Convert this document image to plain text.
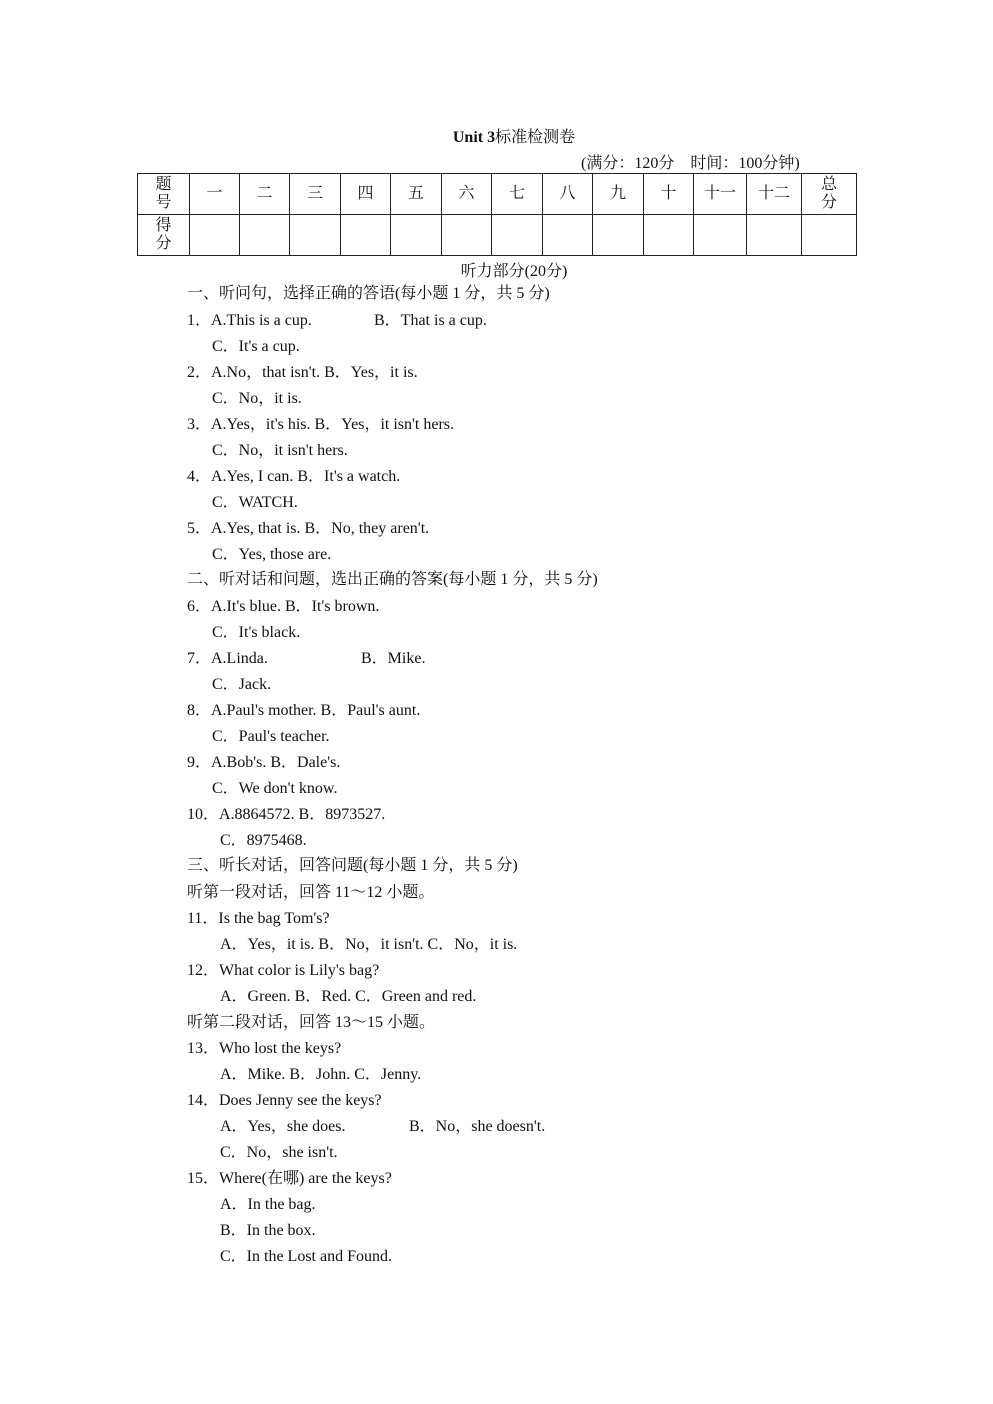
Unit 3标准检测卷
(满分：120分　时间：100分钟)
题号	一	二	三	四	五	六	七	八	九	十	十一	十二	总分
得分													
听力部分(20分)
一、听问句，选择正确的答语(每小题 1 分，共 5 分)
1．A.This is a cup.	B．That is a cup.
C．It's a cup.
2．A.No，that isn't. B．Yes，it is.
C．No，it is.
3．A.Yes，it's his. B．Yes，it isn't hers.
C．No，it isn't hers.
4．A.Yes, I can. B．It's a watch.
C．WATCH.
5．A.Yes, that is. B．No, they aren't.
C．Yes, those are.
二、听对话和问题，选出正确的答案(每小题 1 分，共 5 分)
6．A.It's blue. B．It's brown.
C．It's black.
7．A.Linda.	B．Mike.
C．Jack.
8．A.Paul's mother. B．Paul's aunt.
C．Paul's teacher.
9．A.Bob's. B．Dale's.
C．We don't know.
10．A.8864572. B．8973527.
C．8975468.
三、听长对话，回答问题(每小题 1 分，共 5 分)
听第一段对话，回答 11～12 小题。
11．Is the bag Tom's?
A．Yes，it is. B．No，it isn't. C．No，it is.
12．What color is Lily's bag?
A．Green. B．Red. C．Green and red.
听第二段对话，回答 13～15 小题。
13．Who lost the keys?
A．Mike. B．John. C．Jenny.
14．Does Jenny see the keys?
A．Yes，she does.	B．No，she doesn't.
C．No，she isn't.
15．Where(在哪) are the keys?
A．In the bag.
B．In the box.
C．In the Lost and Found.
